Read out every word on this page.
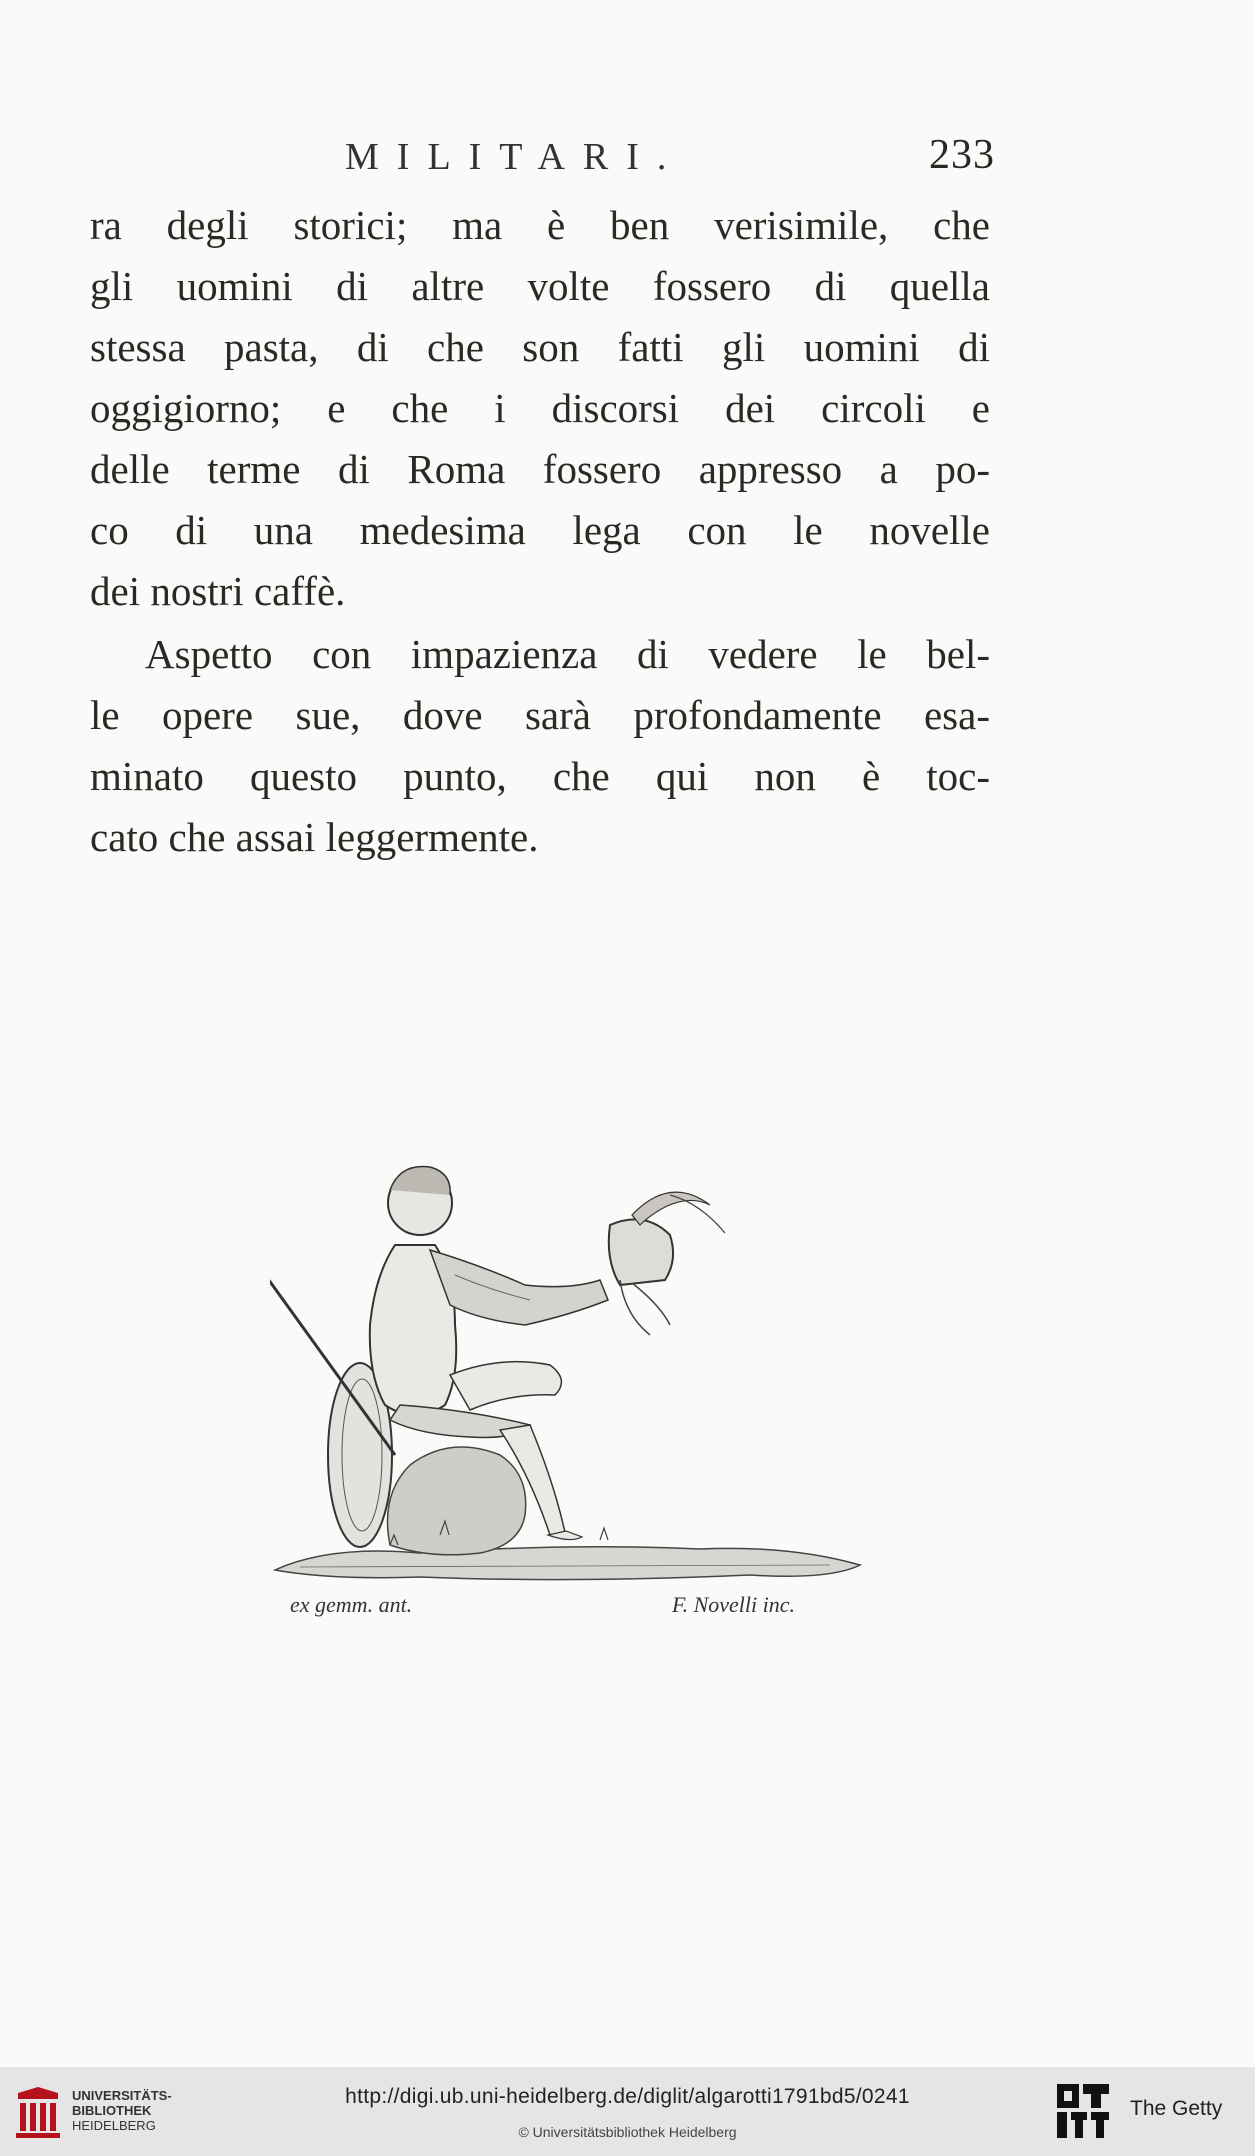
MILITARI.	233
ra degli storici; ma è ben verisimile, che
gli uomini di altre volte fossero di quella
stessa pasta, di che son fatti gli uomini di
oggigiorno; e che i discorsi dei circoli e
delle terme di Roma fossero appresso a po-
co di una medesima lega con le novelle
dei nostri caffè.
Aspetto con impazienza di vedere le bel-
le opere sue, dove sarà profondamente esa-
minato questo punto, che qui non è toc-
cato che assai leggermente.
ex gemm. ant.	F. Novelli inc.
UNIVERSITÄTS-
BIBLIOTHEK
HEIDELBERG
http://digi.ub.uni-heidelberg.de/diglit/algarotti1791bd5/0241
© Universitätsbibliothek Heidelberg
The Getty
